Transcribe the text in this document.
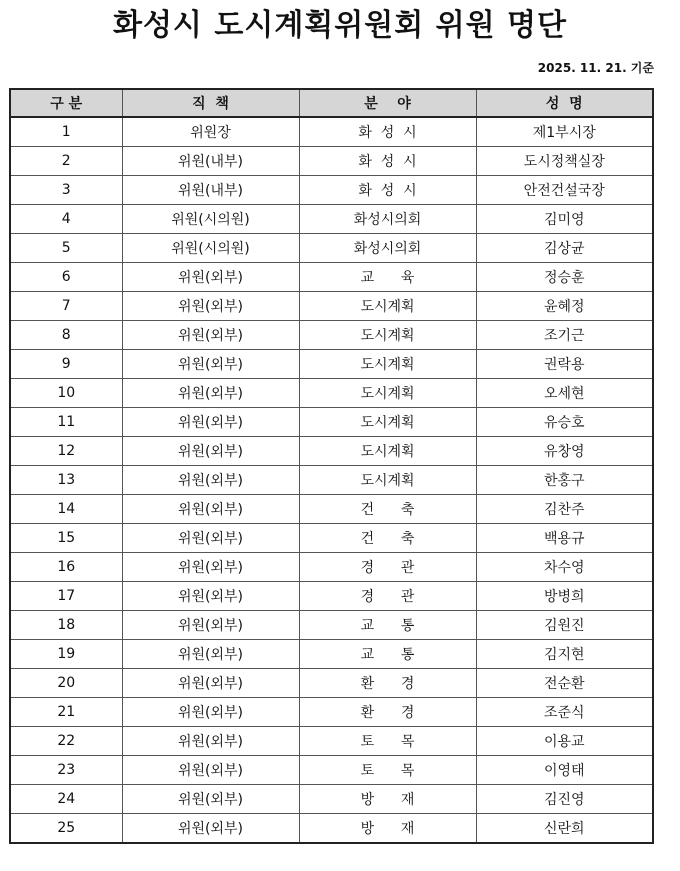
화성시 도시계획위원회 위원 명단
2025. 11. 21. 기준
구 분	직  책	분    야	성  명
1	위원장	화  성  시	제1부시장
2	위원(내부)	화  성  시	도시정책실장
3	위원(내부)	화  성  시	안전건설국장
4	위원(시의원)	화성시의회	김미영
5	위원(시의원)	화성시의회	김상균
6	위원(외부)	교      육	정승훈
7	위원(외부)	도시계획	윤혜정
8	위원(외부)	도시계획	조기근
9	위원(외부)	도시계획	권락용
10	위원(외부)	도시계획	오세현
11	위원(외부)	도시계획	유승호
12	위원(외부)	도시계획	유창영
13	위원(외부)	도시계획	한홍구
14	위원(외부)	건      축	김찬주
15	위원(외부)	건      축	백용규
16	위원(외부)	경      관	차수영
17	위원(외부)	경      관	방병희
18	위원(외부)	교      통	김원진
19	위원(외부)	교      통	김지현
20	위원(외부)	환      경	전순환
21	위원(외부)	환      경	조준식
22	위원(외부)	토      목	이용교
23	위원(외부)	토      목	이영태
24	위원(외부)	방      재	김진영
25	위원(외부)	방      재	신란희
